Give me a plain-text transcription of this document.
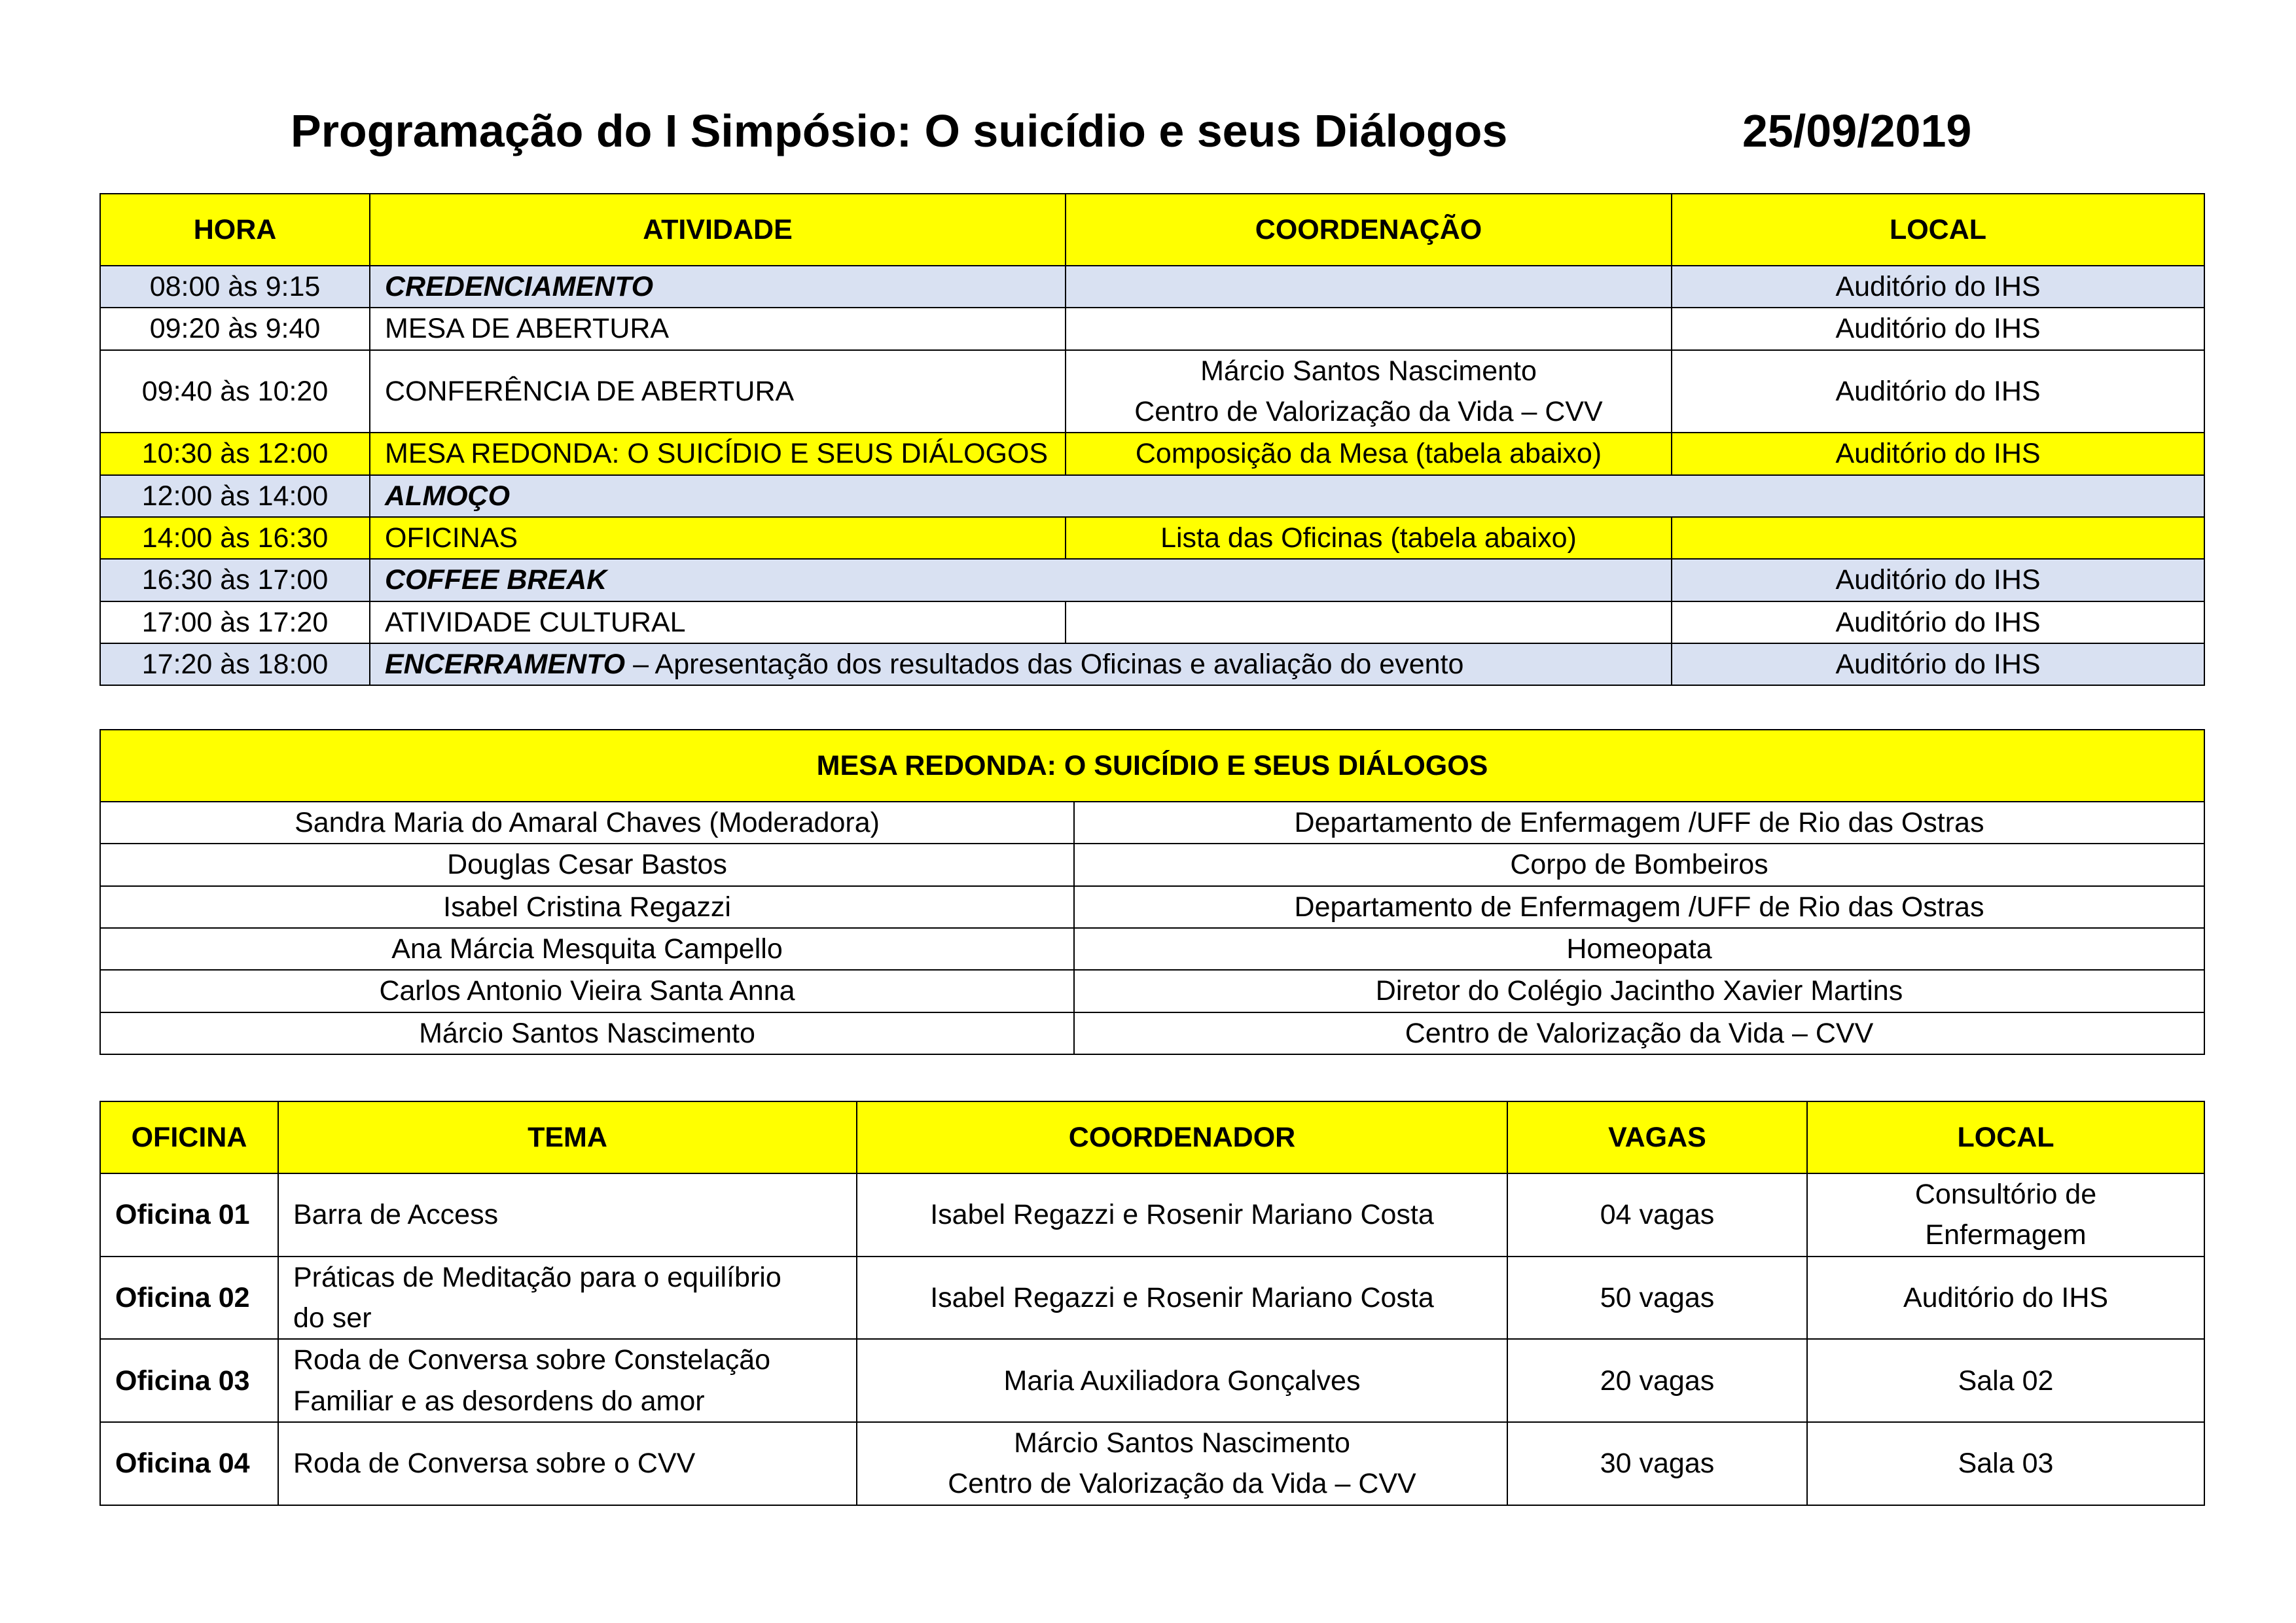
Programação do I Simpósio: O suicídio e seus Diálogos	25/09/2019
HORA	ATIVIDADE	COORDENAÇÃO	LOCAL
08:00 às 9:15	CREDENCIAMENTO		Auditório do IHS
09:20 às 9:40	MESA DE ABERTURA		Auditório do IHS
09:40 às 10:20	CONFERÊNCIA DE ABERTURA	Márcio Santos Nascimento
Centro de Valorização da Vida – CVV	Auditório do IHS
10:30 às 12:00	MESA REDONDA: O SUICÍDIO E SEUS DIÁLOGOS	Composição da Mesa (tabela abaixo)	Auditório do IHS
12:00 às 14:00	ALMOÇO		
14:00 às 16:30	OFICINAS	Lista das Oficinas (tabela abaixo)	
16:30 às 17:00	COFFEE BREAK		Auditório do IHS
17:00 às 17:20	ATIVIDADE CULTURAL		Auditório do IHS
17:20 às 18:00	ENCERRAMENTO – Apresentação dos resultados das Oficinas e avaliação do evento		Auditório do IHS
MESA REDONDA: O SUICÍDIO E SEUS DIÁLOGOS	
Sandra Maria do Amaral Chaves (Moderadora)	Departamento de Enfermagem /UFF de Rio das Ostras
Douglas Cesar Bastos	Corpo de Bombeiros
Isabel Cristina Regazzi	Departamento de Enfermagem /UFF de Rio das Ostras
Ana Márcia Mesquita Campello	Homeopata
Carlos Antonio Vieira Santa Anna	Diretor do Colégio Jacintho Xavier Martins
Márcio Santos Nascimento	Centro de Valorização da Vida – CVV
OFICINA	TEMA	COORDENADOR	VAGAS	LOCAL
Oficina 01	Barra de Access	Isabel Regazzi e Rosenir Mariano Costa	04 vagas	Consultório de
Enfermagem

Oficina 02	Práticas de Meditação para o equilíbrio
do ser	Isabel Regazzi e Rosenir Mariano Costa	50 vagas	Auditório do IHS

Oficina 03	Roda de Conversa sobre Constelação
Familiar e as desordens do amor	Maria Auxiliadora Gonçalves	20 vagas	Sala 02

Oficina 04	Roda de Conversa sobre o CVV	Márcio Santos Nascimento
Centro de Valorização da Vida – CVV	30 vagas	Sala 03
